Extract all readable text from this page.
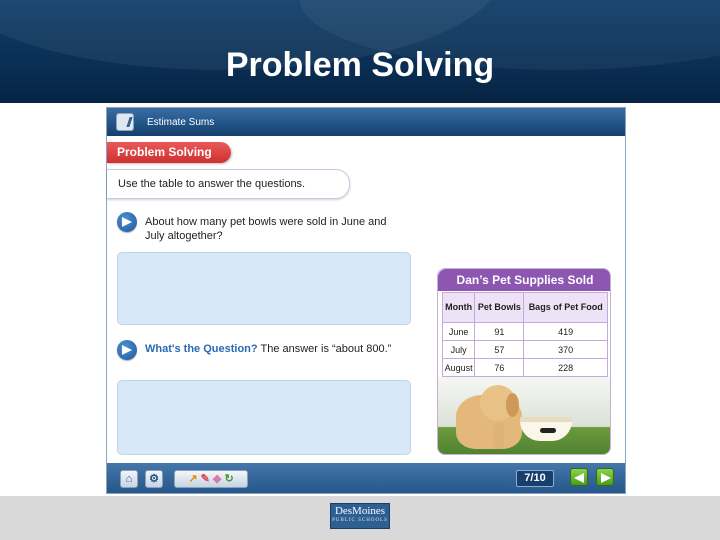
Problem Solving
Estimate Sums
Problem Solving
Use the table to answer the questions.
About how many pet bowls were sold in June and July altogether?
What's the Question? The answer is “about 800.”
Dan’s Pet Supplies Sold
Month	Pet Bowls	Bags of Pet Food
June	91	419
July	57	370
August	76	228
⌂	⚙	↗ ✎ ◆ ↻	7/10
DesMoines
PUBLIC SCHOOLS
